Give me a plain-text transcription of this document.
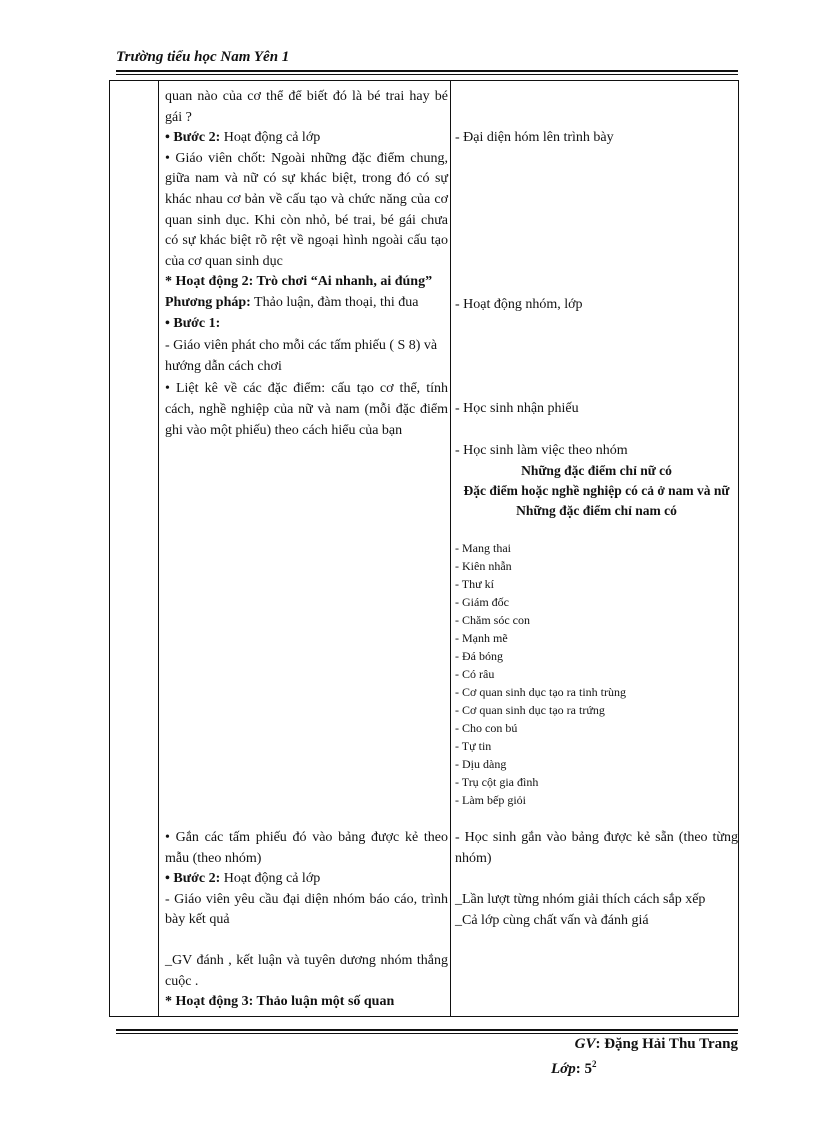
Trường tiểu học Nam Yên 1

quan nào của cơ thể để biết đó là bé trai hay bé gái ?

• Bước 2: Hoạt động cả lớp

• Giáo viên chốt: Ngoài những đặc điểm chung, giữa nam và nữ có sự khác biệt, trong đó có sự khác nhau cơ bản về cấu tạo và chức năng của cơ quan sinh dục. Khi còn nhỏ, bé trai, bé gái chưa có sự khác biệt rõ rệt về ngoại hình ngoài cấu tạo của cơ quan sinh dục

* Hoạt động 2: Trò chơi “Ai nhanh, ai đúng”

Phương pháp: Thảo luận, đàm thoại, thi đua

• Bước 1:

- Giáo viên phát cho mỗi các tấm phiếu ( S 8) và hướng dẫn cách chơi

• Liệt kê về các đặc điểm: cấu tạo cơ thể, tính cách, nghề nghiệp của nữ và nam (mỗi đặc điểm ghi vào một phiếu) theo cách hiểu của bạn

• Gắn các tấm phiếu đó vào bảng được kẻ theo mẫu (theo nhóm)

• Bước 2: Hoạt động cả lớp

- Giáo viên yêu cầu đại diện nhóm báo cáo, trình bày kết quả

_GV đánh , kết luận và tuyên dương nhóm thắng cuộc .

* Hoạt động 3: Thảo luận một số quan

- Đại diện hóm lên trình bày

- Hoạt động nhóm, lớp

- Học sinh nhận phiếu

- Học sinh làm việc theo nhóm

Những đặc điểm chỉ nữ có

Đặc điểm hoặc nghề nghiệp có cả ở nam và nữ

Những đặc điểm chỉ nam có

- Mang thai
- Kiên nhẫn
- Thư kí
- Giám đốc
- Chăm sóc con
- Mạnh mẽ
- Đá bóng
- Có râu
- Cơ quan sinh dục tạo ra tinh trùng
- Cơ quan sinh dục tạo ra trứng
- Cho con bú
- Tự tin
- Dịu dàng
- Trụ cột gia đình
- Làm bếp giỏi

- Học sinh gắn vào bảng được kẻ sẵn (theo từng nhóm)

_Lần lượt từng nhóm giải thích cách sắp xếp

_Cả lớp cùng chất vấn và đánh giá

GV: Đặng Hải Thu Trang
Lớp: $5^2$
